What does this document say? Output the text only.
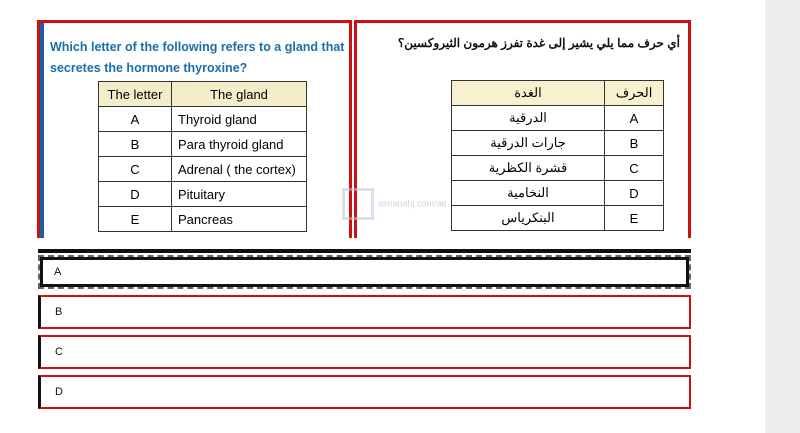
Which letter of the following refers to a gland that secretes the hormone thyroxine?
The letter	The gland
A	Thyroid gland
B	Para thyroid gland
C	Adrenal ( the cortex)
D	Pituitary
E	Pancreas
أي حرف مما يلي يشير إلى غدة تفرز هرمون الثيروكسين؟
الحرف	الغدة
A	الدرقية
B	جارات الدرقية
C	قشرة الكظرية
D	النخامية
E	البنكرياس
almanahj.com/ae
A
B
C
D
